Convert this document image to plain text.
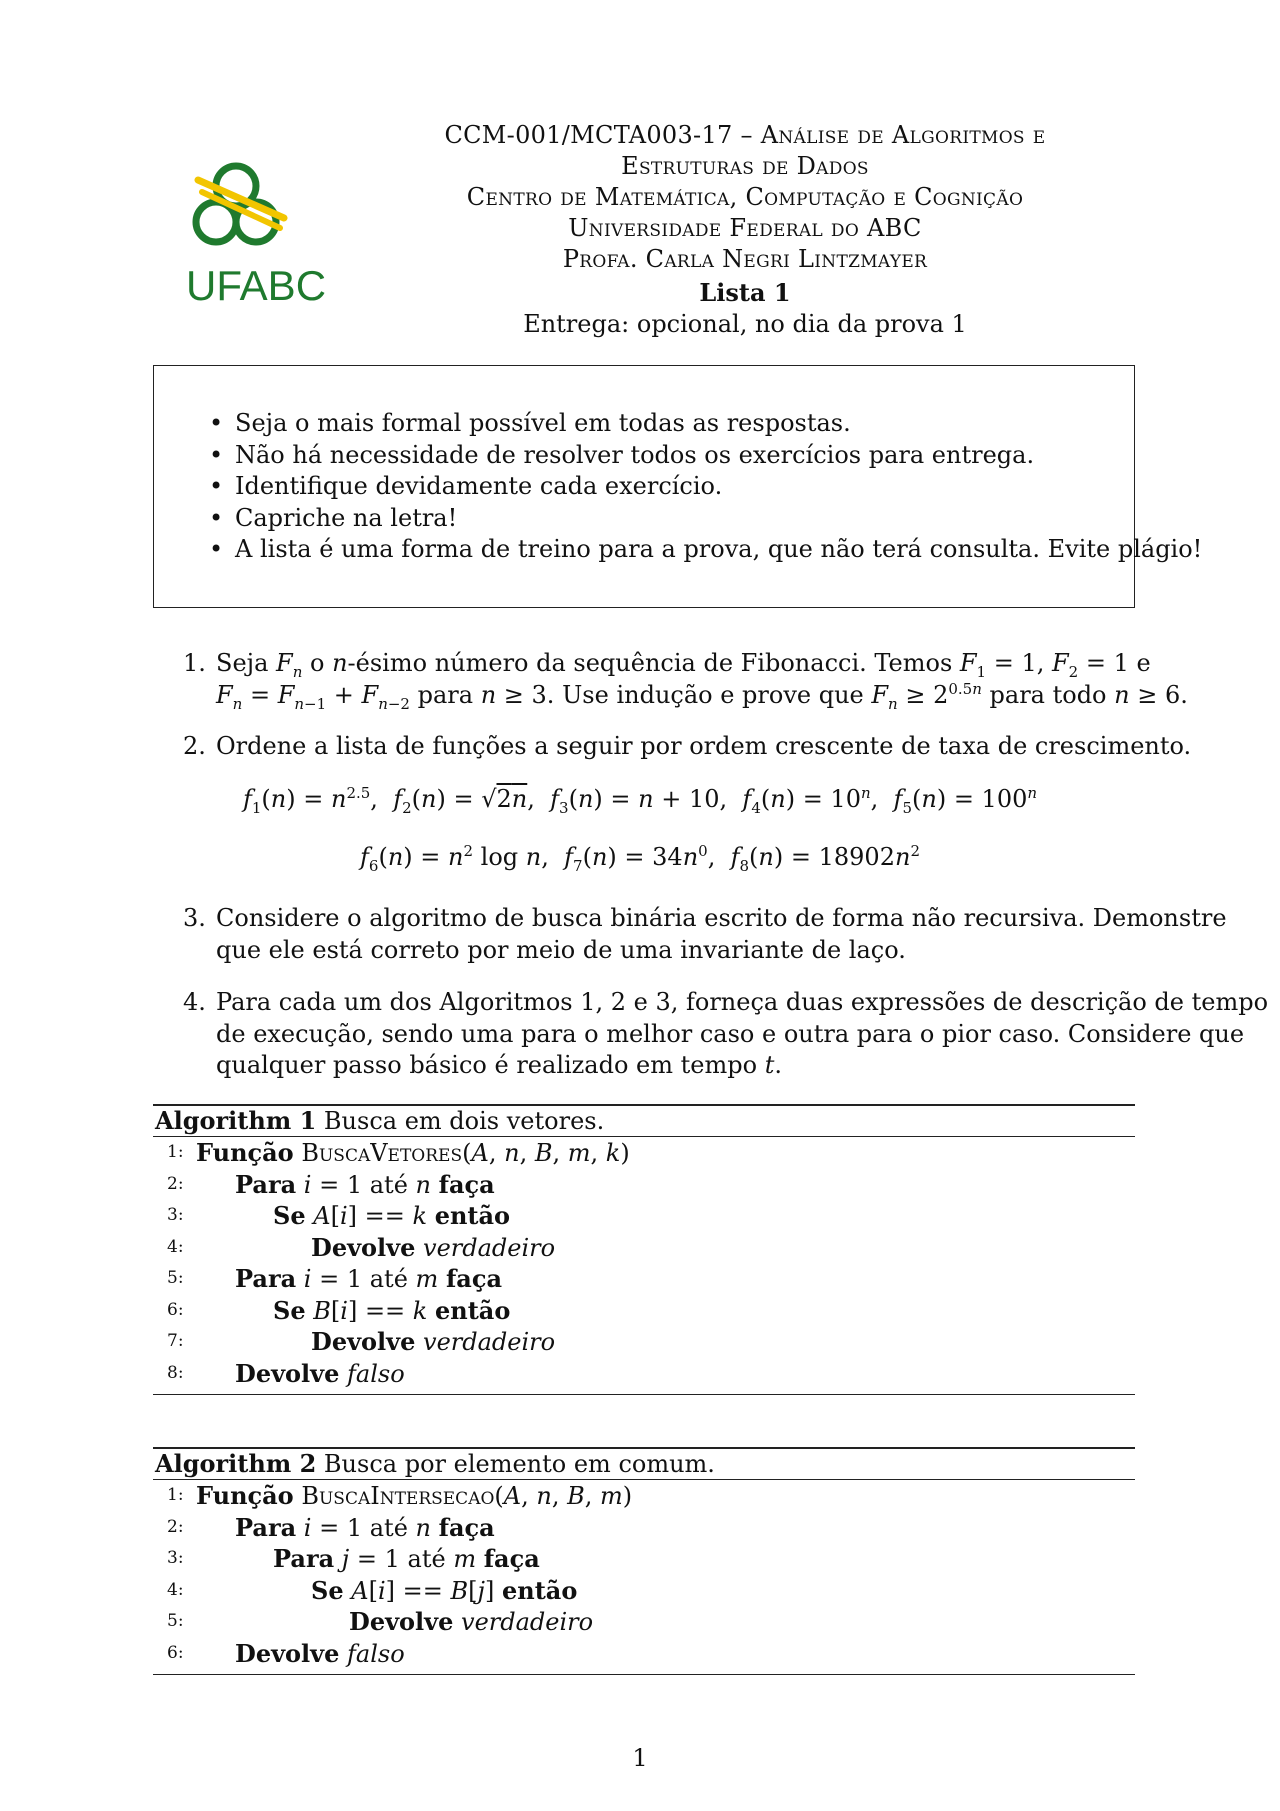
UFABC
CCM-001/MCTA003-17 – Análise de Algoritmos e
Estruturas de Dados
Centro de Matemática, Computação e Cognição
Universidade Federal do ABC
Profa. Carla Negri Lintzmayer
Lista 1
Entrega: opcional, no dia da prova 1
• Seja o mais formal possível em todas as respostas.
• Não há necessidade de resolver todos os exercícios para entrega.
• Identifique devidamente cada exercício.
• Capriche na letra!
• A lista é uma forma de treino para a prova, que não terá consulta. Evite plágio!
1. Seja $F_n$ o n-ésimo número da sequência de Fibonacci. Temos $F_1 = 1$, $F_2 = 1$ e
$F_n = F_{n-1} + F_{n-2}$ para n ≥ 3. Use indução e prove que $F_n \ge 2^{0.5n}$ para todo n ≥ 6.
2. Ordene a lista de funções a seguir por ordem crescente de taxa de crescimento.
$f_1(n) = n^{2.5}$,  $f_2(n) = √2n$,  $f_3(n) = n + 10$,  $f_4(n) = 10^n$,  $f_5(n) = 100^n$
$f_6(n) = n^2$ log n,  $f_7(n) = 34n^0$,  $f_8(n) = 18902n^2$
3. Considere o algoritmo de busca binária escrito de forma não recursiva. Demonstre
que ele está correto por meio de uma invariante de laço.
4. Para cada um dos Algoritmos 1, 2 e 3, forneça duas expressões de descrição de tempo
de execução, sendo uma para o melhor caso e outra para o pior caso. Considere que
qualquer passo básico é realizado em tempo t.
Algorithm 1 Busca em dois vetores.
1: Função BuscaVetores(A, n, B, m, k)
2:	Para i = 1 até n faça
3:	Se A[i] == k então
4:	Devolve verdadeiro
5:	Para i = 1 até m faça
6:	Se B[i] == k então
7:	Devolve verdadeiro
8:	Devolve falso
Algorithm 2 Busca por elemento em comum.
1: Função BuscaIntersecao(A, n, B, m)
2:	Para i = 1 até n faça
3:	Para j = 1 até m faça
4:	Se A[i] == B[j] então
5:	Devolve verdadeiro
6:	Devolve falso
1
